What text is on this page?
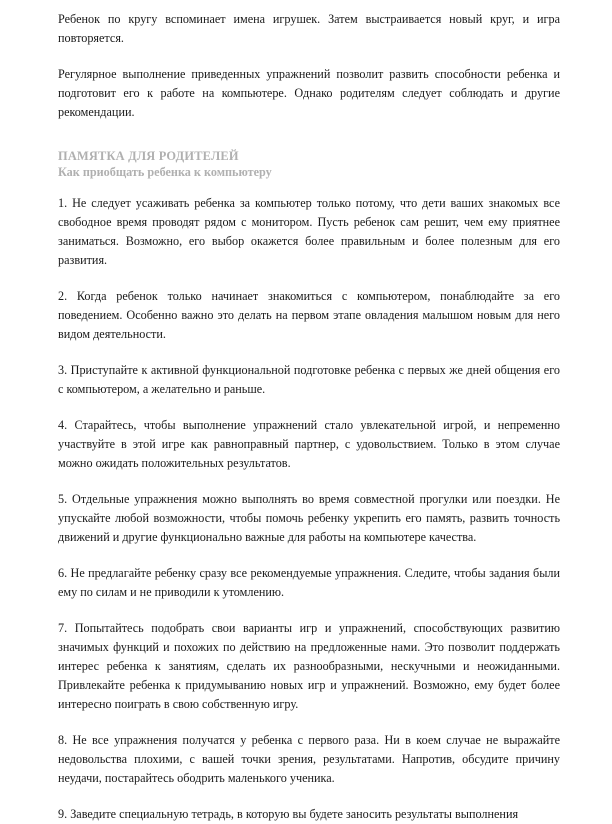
Ребенок по кругу вспоминает имена игрушек. Затем выстраивается новый круг, и игра повторяется.

Регулярное выполнение приведенных упражнений позволит развить способности ребенка и подготовит его к работе на компьютере. Однако родителям следует соблюдать и другие рекомендации.

ПАМЯТКА ДЛЯ РОДИТЕЛЕЙ
Как приобщать ребенка к компьютеру

1. Не следует усаживать ребенка за компьютер только потому, что дети ваших знакомых все свободное время проводят рядом с монитором. Пусть ребенок сам решит, чем ему приятнее заниматься. Возможно, его выбор окажется более правильным и более полезным для его развития.

2. Когда ребенок только начинает знакомиться с компьютером, понаблюдайте за его поведением. Особенно важно это делать на первом этапе овладения малышом новым для него видом деятельности.

3. Приступайте к активной функциональной подготовке ребенка с первых же дней общения его с компьютером, а желательно и раньше.

4. Старайтесь, чтобы выполнение упражнений стало увлекательной игрой, и непременно участвуйте в этой игре как равноправный партнер, с удовольствием. Только в этом случае можно ожидать положительных результатов.

5. Отдельные упражнения можно выполнять во время совместной прогулки или поездки. Не упускайте любой возможности, чтобы помочь ребенку укрепить его память, развить точность движений и другие функционально важные для работы на компьютере качества.

6. Не предлагайте ребенку сразу все рекомендуемые упражнения. Следите, чтобы задания были ему по силам и не приводили к утомлению.

7. Попытайтесь подобрать свои варианты игр и упражнений, способствующих развитию значимых функций и похожих по действию на предложенные нами. Это позволит поддержать интерес ребенка к занятиям, сделать их разнообразными, нескучными и неожиданными. Привлекайте ребенка к придумыванию новых игр и упражнений. Возможно, ему будет более интересно поиграть в свою собственную игру.

8. Не все упражнения получатся у ребенка с первого раза. Ни в коем случае не выражайте недовольства плохими, с вашей точки зрения, результатами. Напротив, обсудите причину неудачи, постарайтесь ободрить маленького ученика.

9. Заведите специальную тетрадь, в которую вы будете заносить результаты выполнения
